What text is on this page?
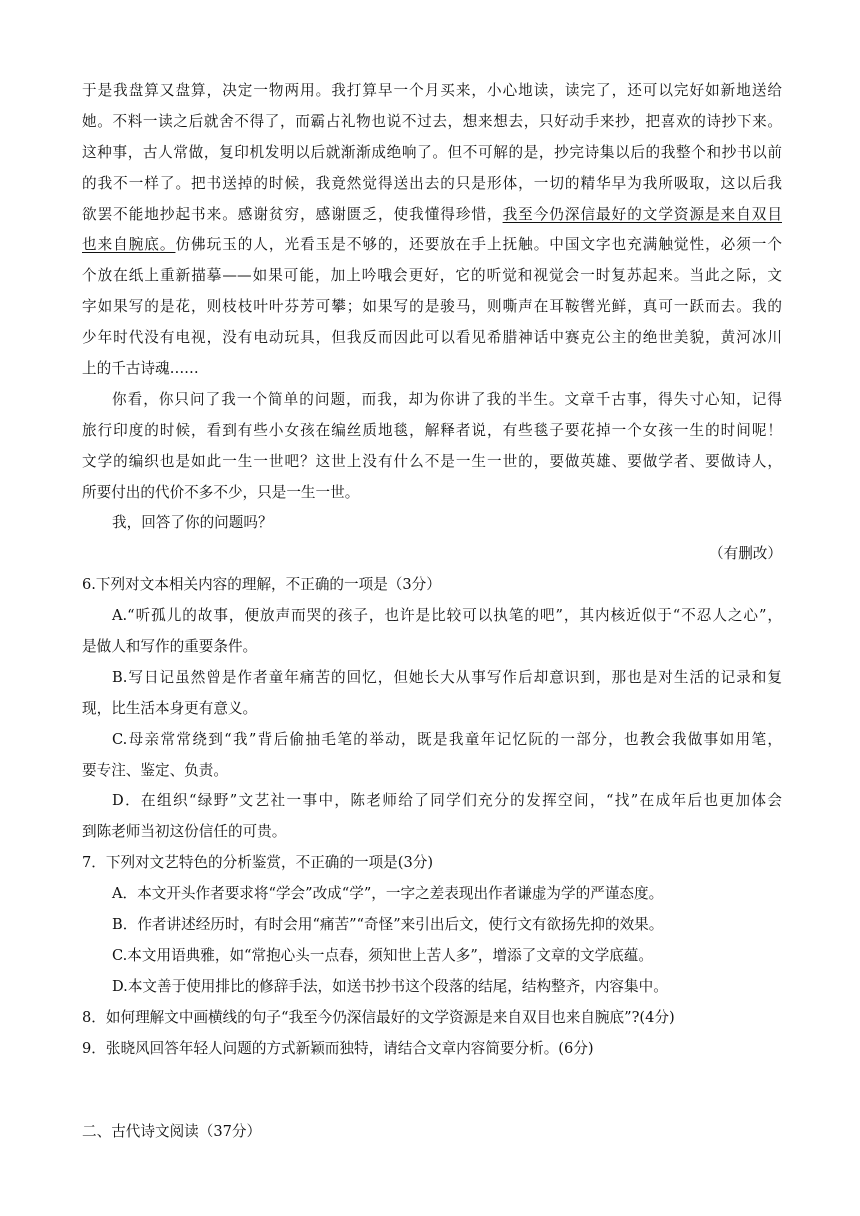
于是我盘算又盘算，决定一物两用。我打算早一个月买来，小心地读，读完了，还可以完好如新地送给
她。不料一读之后就舍不得了，而霸占礼物也说不过去，想来想去，只好动手来抄，把喜欢的诗抄下来。
这种事，古人常做，复印机发明以后就渐渐成绝响了。但不可解的是，抄完诗集以后的我整个和抄书以前
的我不一样了。把书送掉的时候，我竟然觉得送出去的只是形体，一切的精华早为我所吸取，这以后我
欲罢不能地抄起书来。感谢贫穷，感谢匮乏，使我懂得珍惜，我至今仍深信最好的文学资源是来自双目
也来自腕底。仿佛玩玉的人，光看玉是不够的，还要放在手上抚触。中国文字也充满触觉性，必须一个
个放在纸上重新描摹——如果可能，加上吟哦会更好，它的听觉和视觉会一时复苏起来。当此之际，文
字如果写的是花，则枝枝叶叶芬芳可攀；如果写的是骏马，则嘶声在耳鞍辔光鲜，真可一跃而去。我的
少年时代没有电视，没有电动玩具，但我反而因此可以看见希腊神话中赛克公主的绝世美貌，黄河冰川
上的千古诗魂……
你看，你只问了我一个简单的问题，而我，却为你讲了我的半生。文章千古事，得失寸心知，记得
旅行印度的时候，看到有些小女孩在编丝质地毯，解释者说，有些毯子要花掉一个女孩一生的时间呢！
文学的编织也是如此一生一世吧？这世上没有什么不是一生一世的，要做英雄、要做学者、要做诗人，
所要付出的代价不多不少，只是一生一世。
我，回答了你的问题吗？
（有删改）
6.下列对文本相关内容的理解，不正确的一项是（3分）
A.“听孤儿的故事，便放声而哭的孩子，也许是比较可以执笔的吧”，其内核近似于“不忍人之心”，
是做人和写作的重要条件。
B.写日记虽然曾是作者童年痛苦的回忆，但她长大从事写作后却意识到，那也是对生活的记录和复
现，比生活本身更有意义。
C.母亲常常绕到“我”背后偷抽毛笔的举动，既是我童年记忆阮的一部分，也教会我做事如用笔，
要专注、鉴定、负责。
D．在组织“绿野”文艺社一事中，陈老师给了同学们充分的发挥空间，“找”在成年后也更加体会
到陈老师当初这份信任的可贵。
7．下列对文艺特色的分析鉴赏，不正确的一项是(3分)
A．本文开头作者要求将“学会”改成“学”，一字之差表现出作者谦虚为学的严谨态度。
B．作者讲述经历时，有时会用“痛苦”“奇怪”来引出后文，使行文有欲扬先抑的效果。
C.本文用语典雅，如“常抱心头一点春，须知世上苦人多”，增添了文章的文学底蕴。
D.本文善于使用排比的修辞手法，如送书抄书这个段落的结尾，结构整齐，内容集中。
8．如何理解文中画横线的句子“我至今仍深信最好的文学资源是来自双目也来自腕底”?(4分)
9．张晓风回答年轻人问题的方式新颖而独特，请结合文章内容简要分析。(6分)
二、古代诗文阅读（37分）
